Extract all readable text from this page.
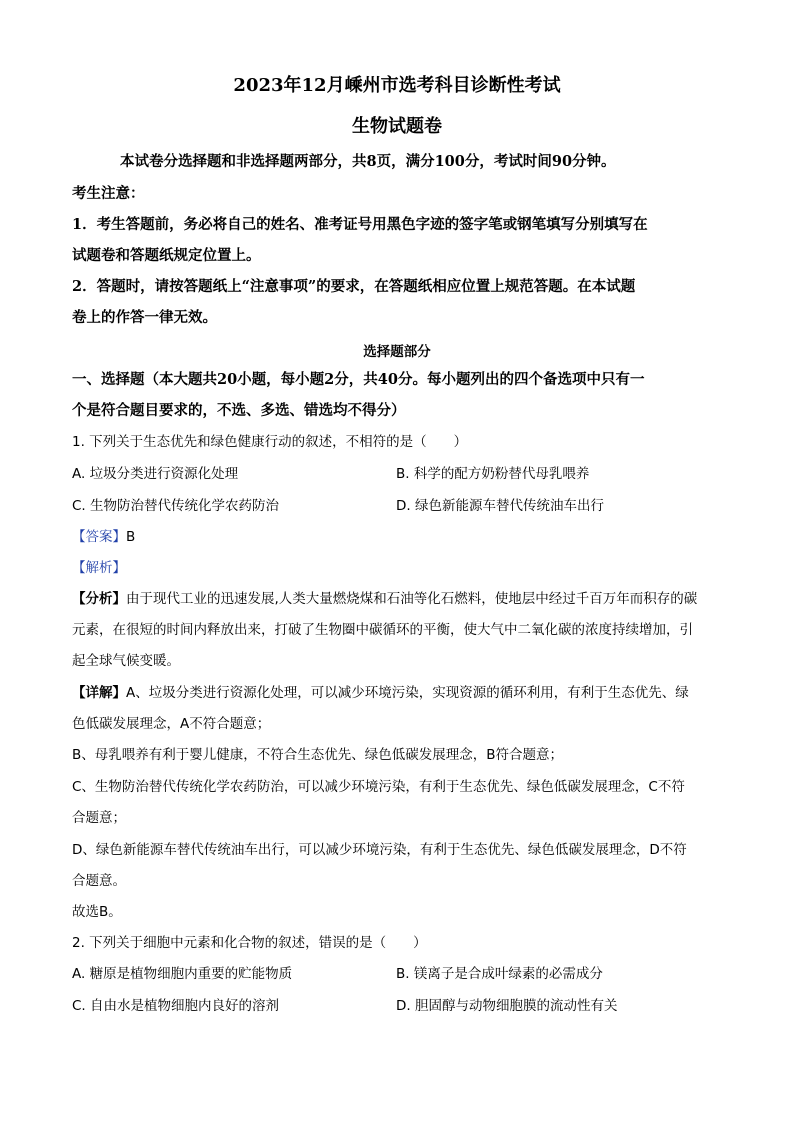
2023年12月嵊州市选考科目诊断性考试
生物试题卷
本试卷分选择题和非选择题两部分，共8页，满分100分，考试时间90分钟。
考生注意：
1．考生答题前，务必将自己的姓名、准考证号用黑色字迹的签字笔或钢笔填写分别填写在
试题卷和答题纸规定位置上。
2．答题时，请按答题纸上“注意事项”的要求，在答题纸相应位置上规范答题。在本试题
卷上的作答一律无效。
选择题部分
一、选择题（本大题共20小题，每小题2分，共40分。每小题列出的四个备选项中只有一
个是符合题目要求的，不选、多选、错选均不得分）
1. 下列关于生态优先和绿色健康行动的叙述，不相符的是（　　）
A. 垃圾分类进行资源化处理	B. 科学的配方奶粉替代母乳喂养
C. 生物防治替代传统化学农药防治	D. 绿色新能源车替代传统油车出行
【答案】B
【解析】
【分析】由于现代工业的迅速发展,人类大量燃烧煤和石油等化石燃料，使地层中经过千百万年而积存的碳
元素，在很短的时间内释放出来，打破了生物圈中碳循环的平衡，使大气中二氧化碳的浓度持续增加，引
起全球气候变暖。
【详解】A、垃圾分类进行资源化处理，可以减少环境污染，实现资源的循环利用，有利于生态优先、绿
色低碳发展理念，A不符合题意；
B、母乳喂养有利于婴儿健康，不符合生态优先、绿色低碳发展理念，B符合题意；
C、生物防治替代传统化学农药防治，可以减少环境污染，有利于生态优先、绿色低碳发展理念，C不符
合题意；
D、绿色新能源车替代传统油车出行，可以减少环境污染，有利于生态优先、绿色低碳发展理念，D不符
合题意。
故选B。
2. 下列关于细胞中元素和化合物的叙述，错误的是（　　）
A. 糖原是植物细胞内重要的贮能物质	B. 镁离子是合成叶绿素的必需成分
C. 自由水是植物细胞内良好的溶剂	D. 胆固醇与动物细胞膜的流动性有关
